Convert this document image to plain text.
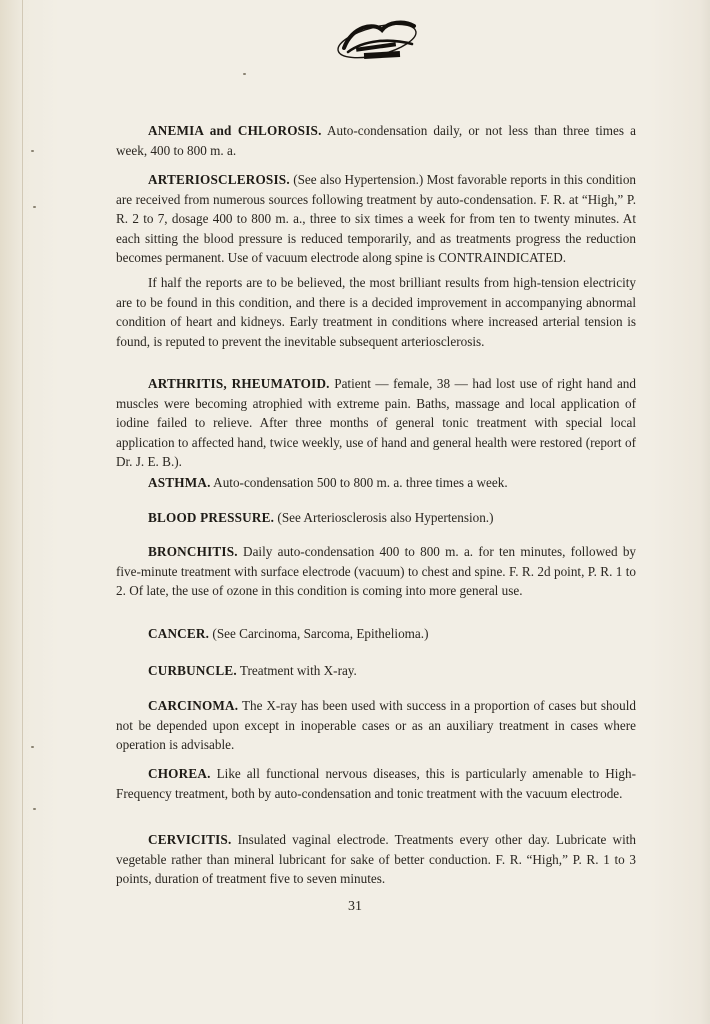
ANEMIA and CHLOROSIS. Auto-condensation daily, or not less than three times a week, 400 to 800 m. a.

ARTERIOSCLEROSIS. (See also Hypertension.) Most favorable reports in this condition are received from numerous sources following treatment by auto-condensation. F. R. at “High,” P. R. 2 to 7, dosage 400 to 800 m. a., three to six times a week for from ten to twenty minutes. At each sitting the blood pressure is reduced temporarily, and as treatments progress the reduction becomes permanent. Use of vacuum electrode along spine is CONTRAINDICATED.

If half the reports are to be believed, the most brilliant results from high-tension electricity are to be found in this condition, and there is a decided improvement in accompanying abnormal condition of heart and kidneys. Early treatment in conditions where increased arterial tension is found, is reputed to prevent the inevitable subsequent arteriosclerosis.

ARTHRITIS, RHEUMATOID. Patient — female, 38 — had lost use of right hand and muscles were becoming atrophied with extreme pain. Baths, massage and local application of iodine failed to relieve. After three months of general tonic treatment with special local application to affected hand, twice weekly, use of hand and general health were restored (report of Dr. J. E. B.).

ASTHMA. Auto-condensation 500 to 800 m. a. three times a week.

BLOOD PRESSURE. (See Arteriosclerosis also Hypertension.)

BRONCHITIS. Daily auto-condensation 400 to 800 m. a. for ten minutes, followed by five-minute treatment with surface electrode (vacuum) to chest and spine. F. R. 2d point, P. R. 1 to 2. Of late, the use of ozone in this condition is coming into more general use.

CANCER. (See Carcinoma, Sarcoma, Epithelioma.)

CURBUNCLE. Treatment with X-ray.

CARCINOMA. The X-ray has been used with success in a proportion of cases but should not be depended upon except in inoperable cases or as an auxiliary treatment in cases where operation is advisable.

CHOREA. Like all functional nervous diseases, this is particularly amenable to High-Frequency treatment, both by auto-condensation and tonic treatment with the vacuum electrode.

CERVICITIS. Insulated vaginal electrode. Treatments every other day. Lubricate with vegetable rather than mineral lubricant for sake of better conduction. F. R. “High,” P. R. 1 to 3 points, duration of treatment five to seven minutes.

31
